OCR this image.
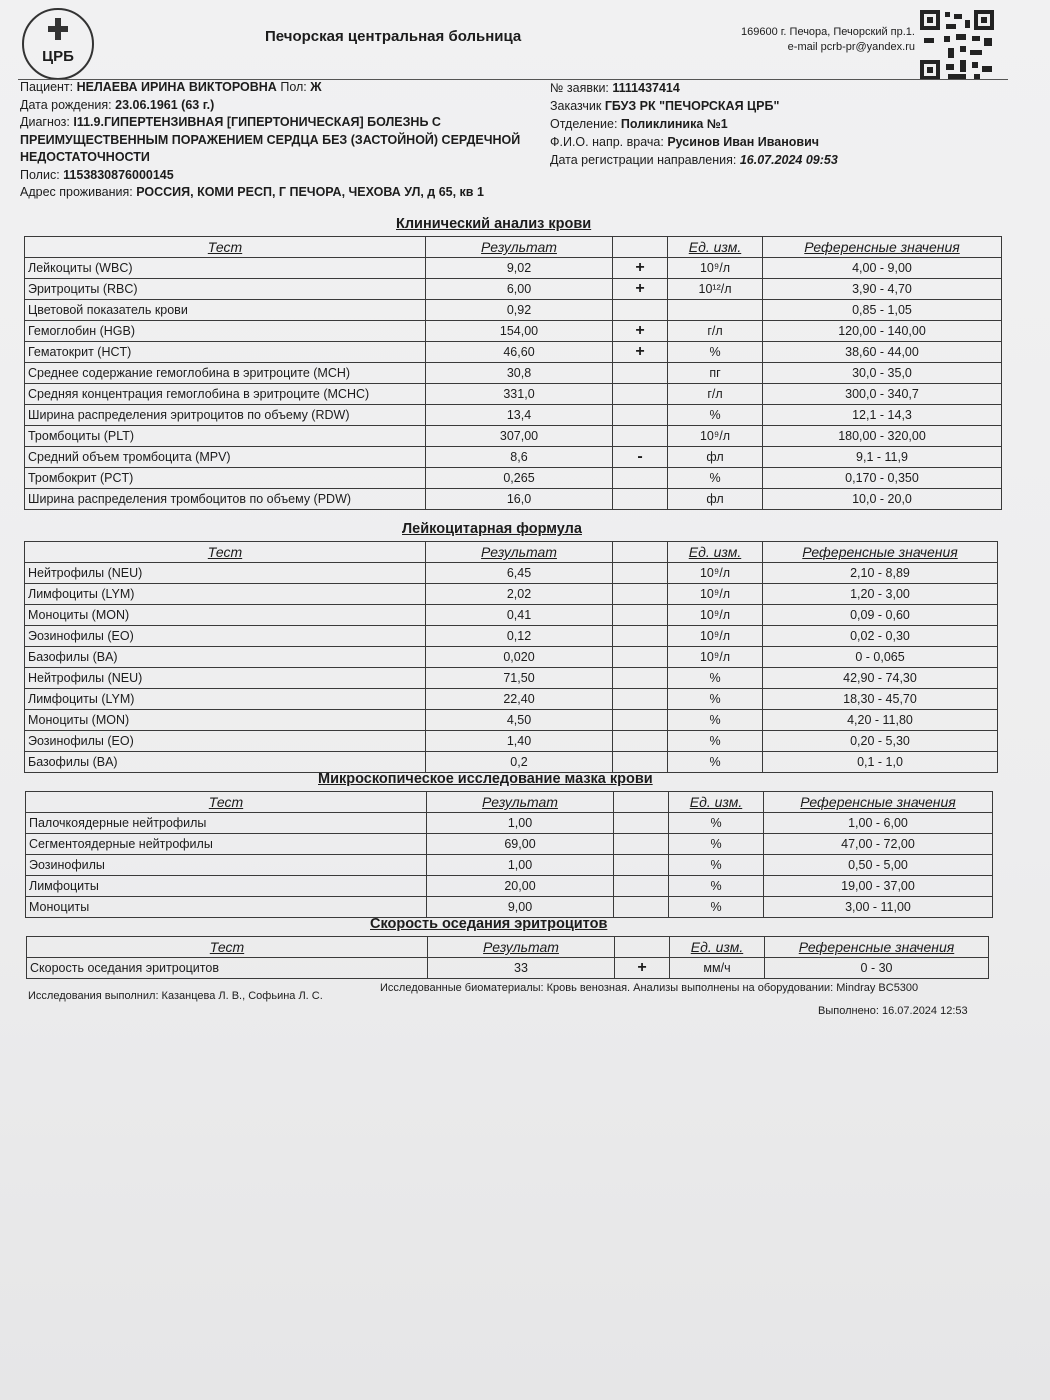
ЦРБ
Печорская центральная больница	169600 г. Печора, Печорский пр.1.
e-mail pcrb-pr@yandex.ru
Пациент: НЕЛАЕВА ИРИНА ВИКТОРОВНА Пол: Ж
Дата рождения: 23.06.1961 (63 г.)
Диагноз: I11.9.ГИПЕРТЕНЗИВНАЯ [ГИПЕРТОНИЧЕСКАЯ] БОЛЕЗНЬ С ПРЕИМУЩЕСТВЕННЫМ ПОРАЖЕНИЕМ СЕРДЦА БЕЗ (ЗАСТОЙНОЙ) СЕРДЕЧНОЙ НЕДОСТАТОЧНОСТИ
Полис: 1153830876000145
Адрес проживания: РОССИЯ, КОМИ РЕСП, Г ПЕЧОРА, ЧЕХОВА УЛ, д 65, кв 1
№ заявки: 1111437414
Заказчик ГБУЗ РК "ПЕЧОРСКАЯ ЦРБ"
Отделение: Поликлиника №1
Ф.И.О. напр. врача: Русинов Иван Иванович
Дата регистрации направления: 16.07.2024 09:53
Клинический анализ крови
Тест	Результат		Ед. изм.	Референсные значения
Лейкоциты (WBC)	9,02	+	10⁹/л	4,00 - 9,00
Эритроциты (RBC)	6,00	+	10¹²/л	3,90 - 4,70
Цветовой показатель крови	0,92			0,85 - 1,05
Гемоглобин (HGB)	154,00	+	г/л	120,00 - 140,00
Гематокрит (HCT)	46,60	+	%	38,60 - 44,00
Среднее содержание гемоглобина в эритроците (MCH)	30,8		пг	30,0 - 35,0
Средняя концентрация гемоглобина в эритроците (MCHC)	331,0		г/л	300,0 - 340,7
Ширина распределения эритроцитов по объему (RDW)	13,4		%	12,1 - 14,3
Тромбоциты (PLT)	307,00		10⁹/л	180,00 - 320,00
Средний объем тромбоцита (MPV)	8,6	-	фл	9,1 - 11,9
Тромбокрит (PCT)	0,265		%	0,170 - 0,350
Ширина распределения тромбоцитов по объему (PDW)	16,0		фл	10,0 - 20,0
Лейкоцитарная формула
Тест	Результат		Ед. изм.	Референсные значения
Нейтрофилы (NEU)	6,45		10⁹/л	2,10 - 8,89
Лимфоциты (LYM)	2,02		10⁹/л	1,20 - 3,00
Моноциты (MON)	0,41		10⁹/л	0,09 - 0,60
Эозинофилы (EO)	0,12		10⁹/л	0,02 - 0,30
Базофилы (BA)	0,020		10⁹/л	0 - 0,065
Нейтрофилы (NEU)	71,50		%	42,90 - 74,30
Лимфоциты (LYM)	22,40		%	18,30 - 45,70
Моноциты (MON)	4,50		%	4,20 - 11,80
Эозинофилы (EO)	1,40		%	0,20 - 5,30
Базофилы (BA)	0,2		%	0,1 - 1,0
Микроскопическое исследование мазка крови
Тест	Результат		Ед. изм.	Референсные значения
Палочкоядерные нейтрофилы	1,00		%	1,00 - 6,00
Сегментоядерные нейтрофилы	69,00		%	47,00 - 72,00
Эозинофилы	1,00		%	0,50 - 5,00
Лимфоциты	20,00		%	19,00 - 37,00
Моноциты	9,00		%	3,00 - 11,00
Скорость оседания эритроцитов
Тест	Результат		Ед. изм.	Референсные значения
Скорость оседания эритроцитов	33	+	мм/ч	0 - 30
Исследованные биоматериалы: Кровь венозная. Анализы выполнены на оборудовании: Mindray BC5300
Исследования выполнил: Казанцева Л. В., Софьина Л. С.
Выполнено: 16.07.2024 12:53
